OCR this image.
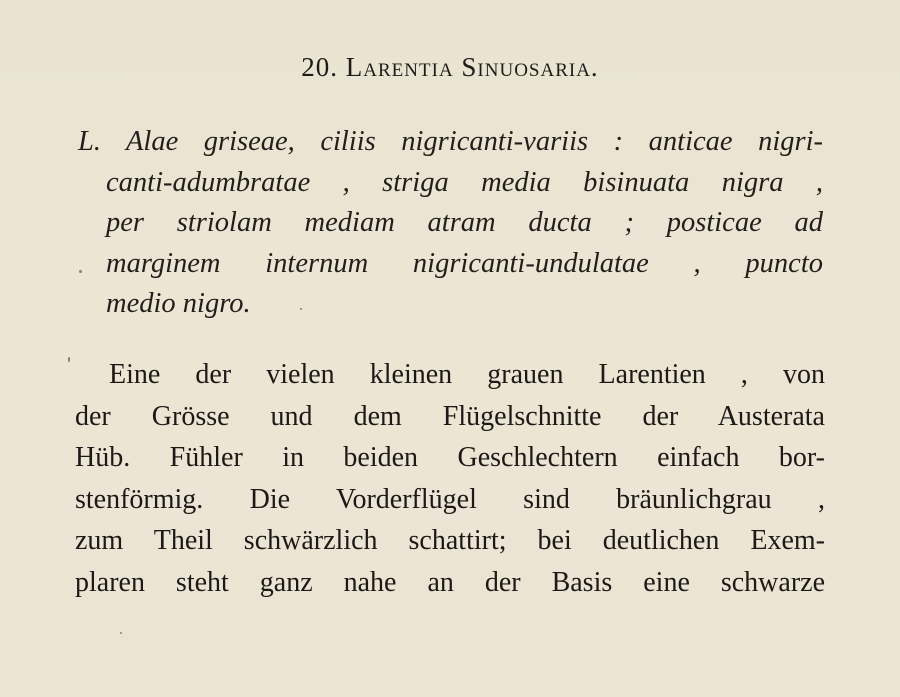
20. Larentia Sinuosaria.
L. Alae griseae, ciliis nigricanti-variis : anticae nigri-
canti-adumbratae , striga media bisinuata nigra ,
per striolam mediam atram ducta ; posticae ad
marginem internum nigricanti-undulatae , puncto
medio nigro.
Eine der vielen kleinen grauen Larentien , von
der Grösse und dem Flügelschnitte der Austerata
Hüb. Fühler in beiden Geschlechtern einfach bor-
stenförmig. Die Vorderflügel sind bräunlichgrau ,
zum Theil schwärzlich schattirt; bei deutlichen Exem-
plaren steht ganz nahe an der Basis eine schwarze
